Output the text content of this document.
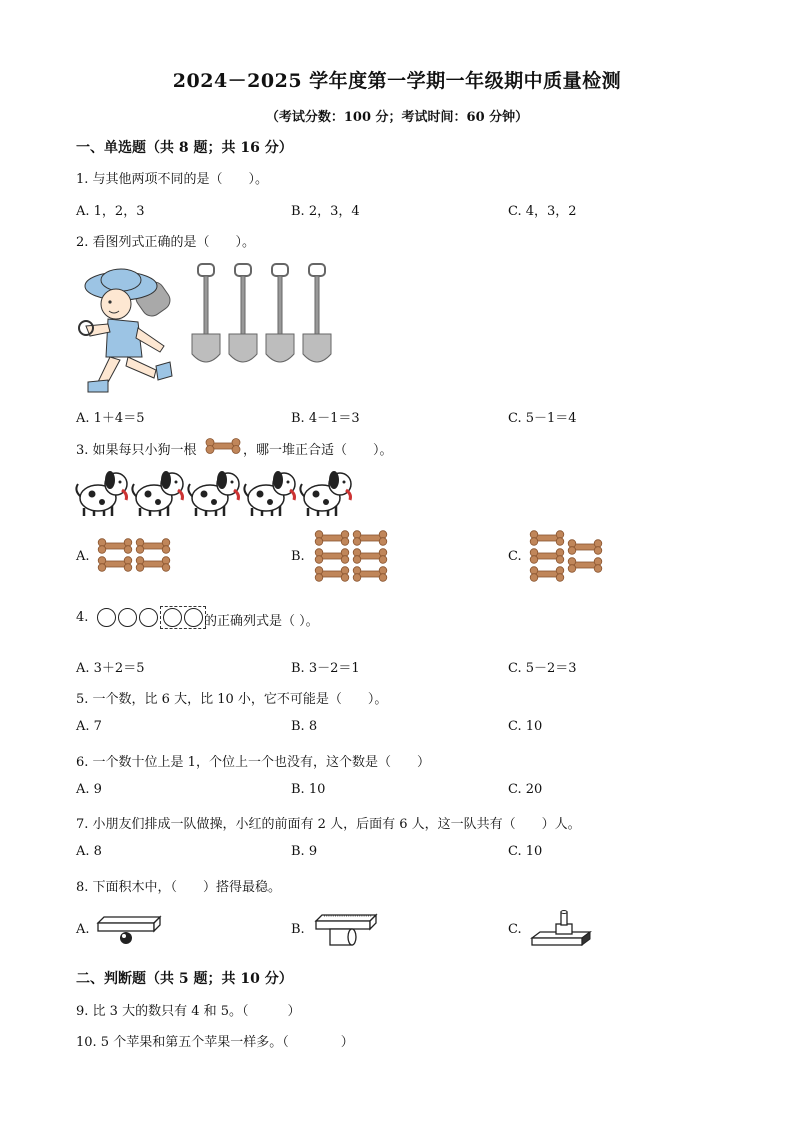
2024－2025 学年度第一学期一年级期中质量检测
（考试分数：100 分；考试时间：60 分钟）
一、单选题（共 8 题；共 16 分）
1. 与其他两项不同的是（　　）。
A. 1，2，3	B. 2，3，4	C. 4，3，2
2. 看图列式正确的是（　　）。
A. 1＋4＝5	B. 4－1＝3	C. 5－1＝4
3. 如果每只小狗一根	，哪一堆正合适（　　）。
A.	B.	C.
4.	的正确列式是（ ）。
A. 3＋2＝5	B. 3－2＝1	C. 5－2＝3
5. 一个数，比 6 大，比 10 小，它不可能是（　　）。
A. 7	B. 8	C. 10
6. 一个数十位上是 1，个位上一个也没有，这个数是（　　）
A. 9	B. 10	C. 20
7. 小朋友们排成一队做操，小红的前面有 2 人，后面有 6 人，这一队共有（　　）人。
A. 8	B. 9	C. 10
8. 下面积木中，（　　）搭得最稳。
A.	B.	C.
二、判断题（共 5 题；共 10 分）
9. 比 3 大的数只有 4 和 5。（　　　）
10. 5 个苹果和第五个苹果一样多。（　　　　）
